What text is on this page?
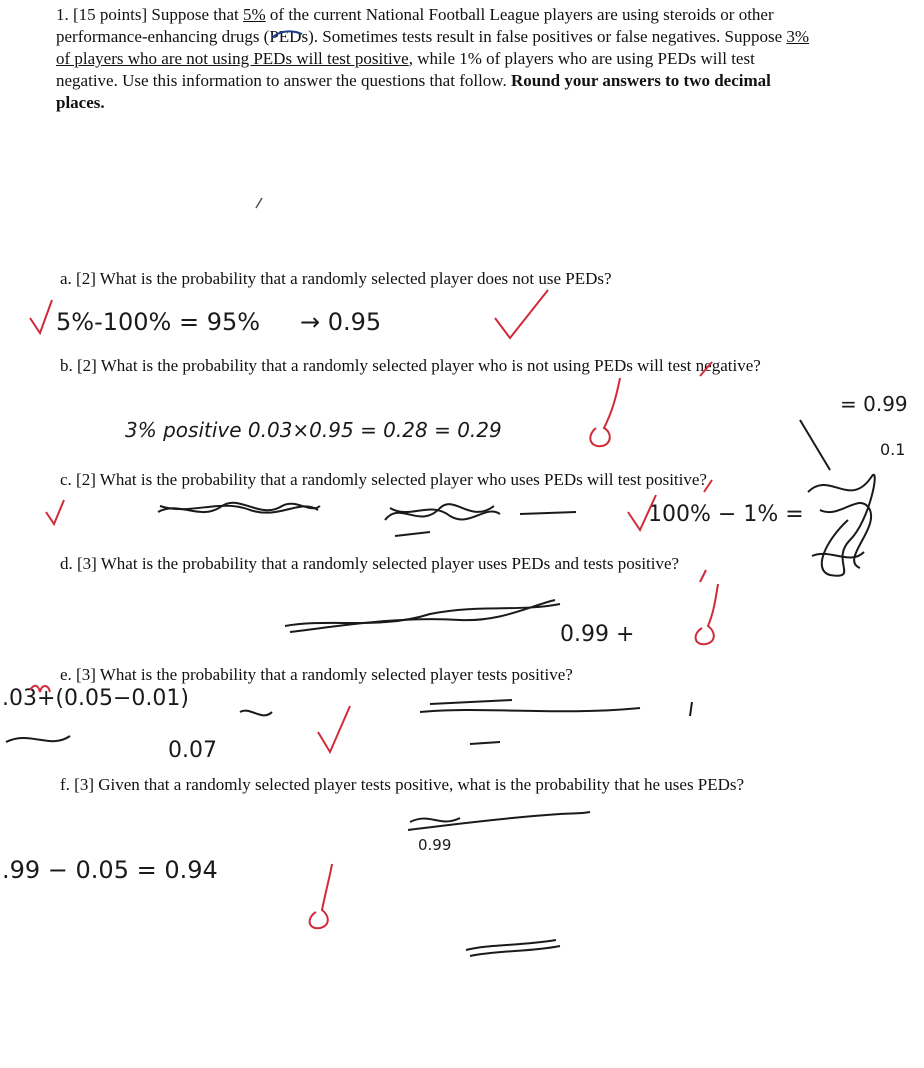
1. [15 points] Suppose that 5% of the current National Football League players are using steroids or other performance-enhancing drugs (PEDs). Sometimes tests result in false positives or false negatives. Suppose 3% of players who are not using PEDs will test positive, while 1% of players who are using PEDs will test negative. Use this information to answer the questions that follow. Round your answers to two decimal places.
a. [2] What is the probability that a randomly selected player does not use PEDs?
b. [2] What is the probability that a randomly selected player who is not using PEDs will test negative?
c. [2] What is the probability that a randomly selected player who uses PEDs will test positive?
d. [3] What is the probability that a randomly selected player uses PEDs and tests positive?
e. [3] What is the probability that a randomly selected player tests positive?
f. [3] Given that a randomly selected player tests positive, what is the probability that he uses PEDs?
5%-100% = 95% → 0.95
3% positive 0.03×0.95 = 0.28 = 0.29
= 0.99
0.1
100% − 1% =
0.99 +
.03+(0.05−0.01)
0.07
.99 − 0.05 = 0.94
0.99
